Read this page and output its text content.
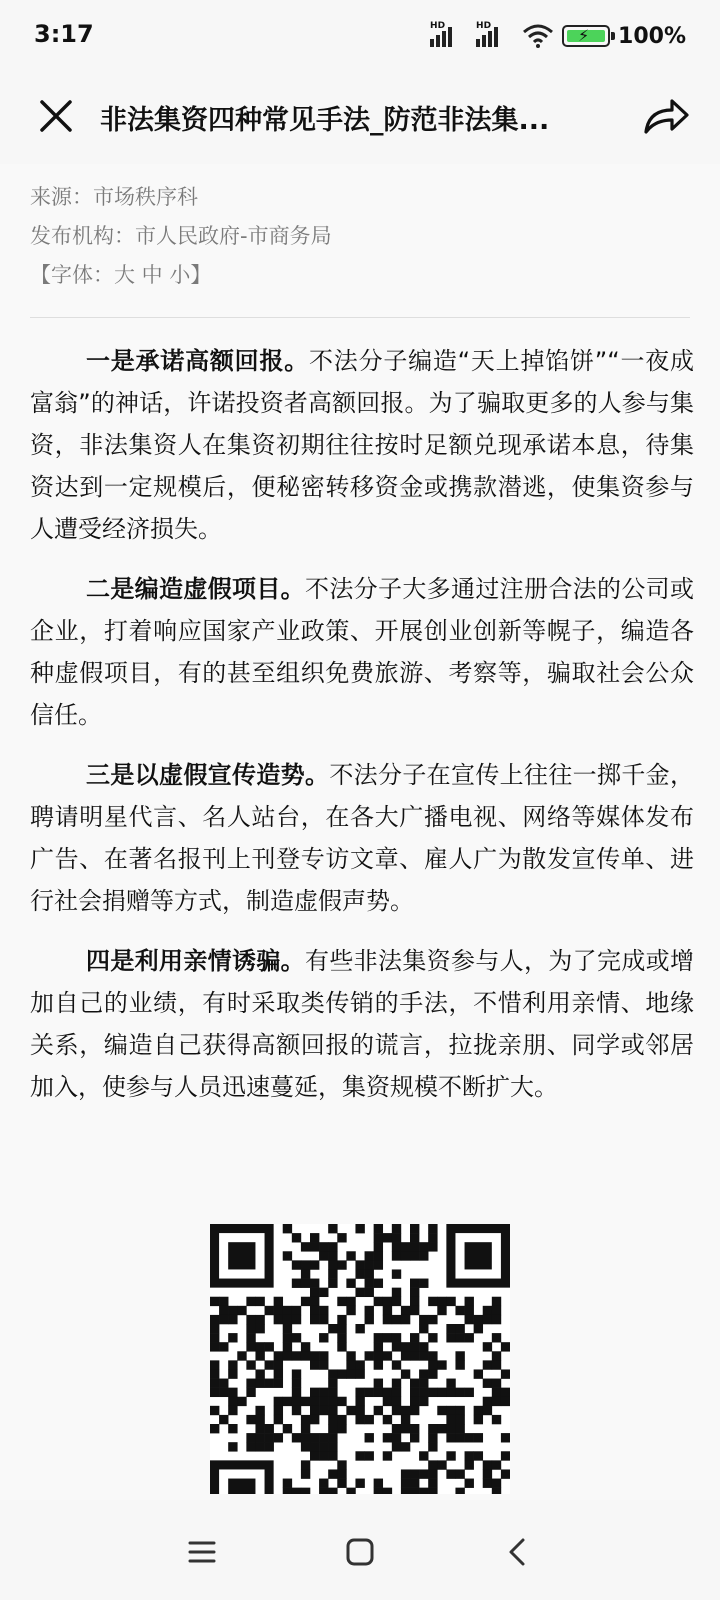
3:17	HD	HD	⚡ 100%
非法集资四种常见手法_防范非法集...
来源：市场秩序科
发布机构：市人民政府-市商务局
【字体：大 中 小】

一是承诺高额回报。不法分子编造“天上掉馅饼”“一夜成富翁”的神话，许诺投资者高额回报。为了骗取更多的人参与集资，非法集资人在集资初期往往按时足额兑现承诺本息，待集资达到一定规模后，便秘密转移资金或携款潜逃，使集资参与人遭受经济损失。

二是编造虚假项目。不法分子大多通过注册合法的公司或企业，打着响应国家产业政策、开展创业创新等幌子，编造各种虚假项目，有的甚至组织免费旅游、考察等，骗取社会公众信任。

三是以虚假宣传造势。不法分子在宣传上往往一掷千金，聘请明星代言、名人站台，在各大广播电视、网络等媒体发布广告、在著名报刊上刊登专访文章、雇人广为散发宣传单、进行社会捐赠等方式，制造虚假声势。

四是利用亲情诱骗。有些非法集资参与人，为了完成或增加自己的业绩，有时采取类传销的手法，不惜利用亲情、地缘关系，编造自己获得高额回报的谎言，拉拢亲朋、同学或邻居加入，使参与人员迅速蔓延，集资规模不断扩大。
